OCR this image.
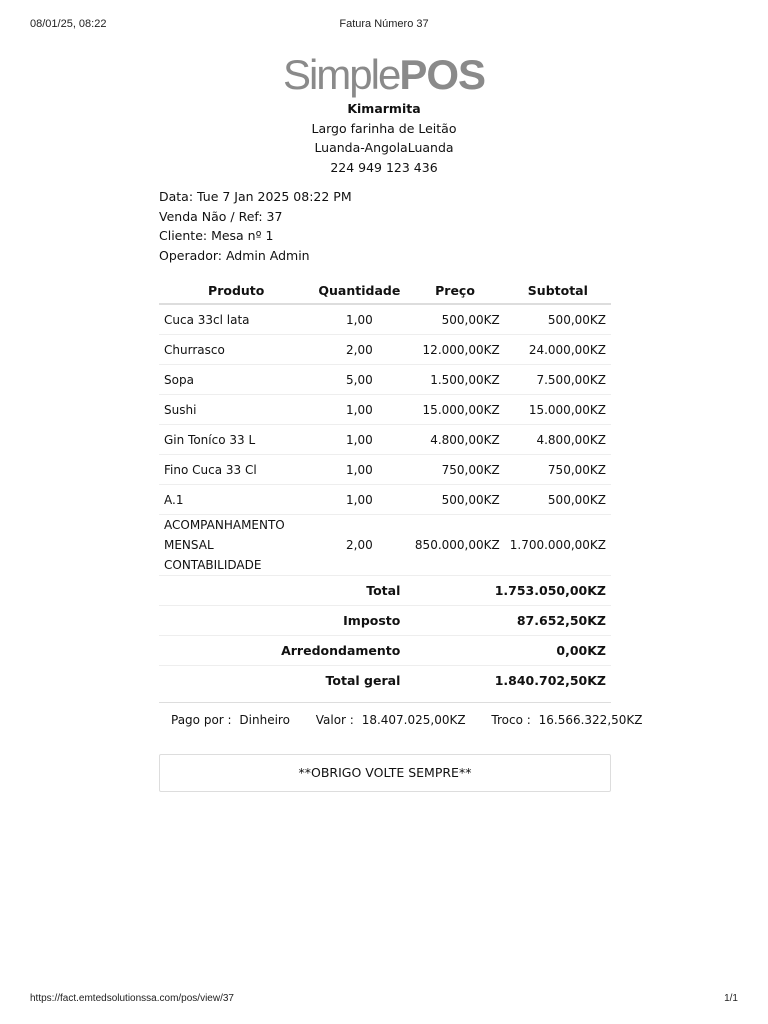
08/01/25, 08:22	Fatura Número 37
SimplePOS
Kimarmita
Largo farinha de Leitão
Luanda-AngolaLuanda
224 949 123 436
Data: Tue 7 Jan 2025 08:22 PM
Venda Não / Ref: 37
Cliente: Mesa nº 1
Operador: Admin Admin
Produto	Quantidade	Preço	Subtotal
Cuca 33cl lata	1,00	500,00KZ	500,00KZ
Churrasco	2,00	12.000,00KZ	24.000,00KZ
Sopa	5,00	1.500,00KZ	7.500,00KZ
Sushi	1,00	15.000,00KZ	15.000,00KZ
Gin Toníco 33 L	1,00	4.800,00KZ	4.800,00KZ
Fino Cuca 33 Cl	1,00	750,00KZ	750,00KZ
A.1	1,00	500,00KZ	500,00KZ

ACOMPANHAMENTO MENSAL
CONTABILIDADE	2,00	850.000,00KZ	1.700.000,00KZ
Total		1.753.050,00KZ	
Imposto		87.652,50KZ	
Arredondamento		0,00KZ	
Total geral		1.840.702,50KZ	
Pago por : Dinheiro Valor : 18.407.025,00KZ Troco : 16.566.322,50KZ
**OBRIGO VOLTE SEMPRE**
https://fact.emtedsolutionssa.com/pos/view/37	1/1
